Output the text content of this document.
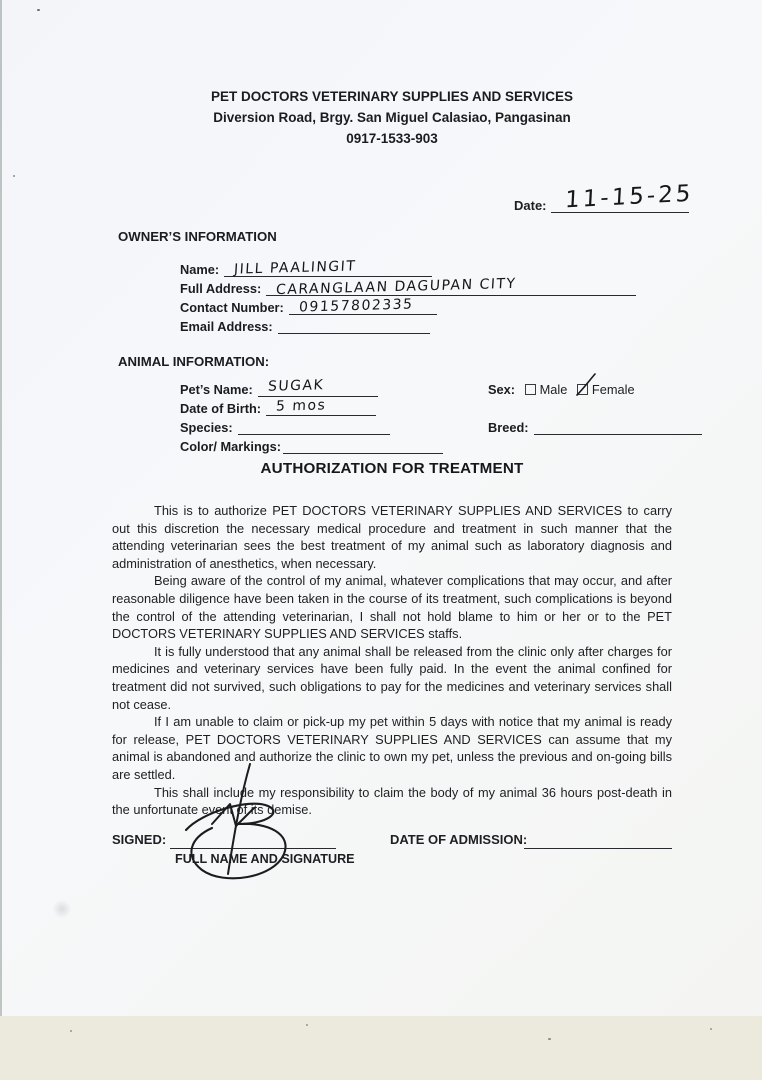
PET DOCTORS VETERINARY SUPPLIES AND SERVICES
Diversion Road, Brgy. San Miguel Calasiao, Pangasinan
0917-1533-903
Date: 11-15-25
OWNER’S INFORMATION
Name: JILL PAALINGIT
Full Address: CARANGLAAN DAGUPAN CITY
Contact Number: 09157802335
Email Address:
ANIMAL INFORMATION:
Pet’s Name: SUGAK	Sex: Male Female
Date of Birth: 5 mos
Species:	Breed:
Color/ Markings:
AUTHORIZATION FOR TREATMENT

This is to authorize PET DOCTORS VETERINARY SUPPLIES AND SERVICES to carry out this discretion the necessary medical procedure and treatment in such manner that the attending veterinarian sees the best treatment of my animal such as laboratory diagnosis and administration of anesthetics, when necessary.

Being aware of the control of my animal, whatever complications that may occur, and after reasonable diligence have been taken in the course of its treatment, such complications is beyond the control of the attending veterinarian, I shall not hold blame to him or her or to the PET DOCTORS VETERINARY SUPPLIES AND SERVICES staffs.

It is fully understood that any animal shall be released from the clinic only after charges for medicines and veterinary services have been fully paid. In the event the animal confined for treatment did not survived, such obligations to pay for the medicines and veterinary services shall not cease.

If I am unable to claim or pick-up my pet within 5 days with notice that my animal is ready for release, PET DOCTORS VETERINARY SUPPLIES AND SERVICES can assume that my animal is abandoned and authorize the clinic to own my pet, unless the previous and on-going bills are settled.

This shall include my responsibility to claim the body of my animal 36 hours post-death in the unfortunate event of its demise.

SIGNED:
FULL NAME AND SIGNATURE
DATE OF ADMISSION:
